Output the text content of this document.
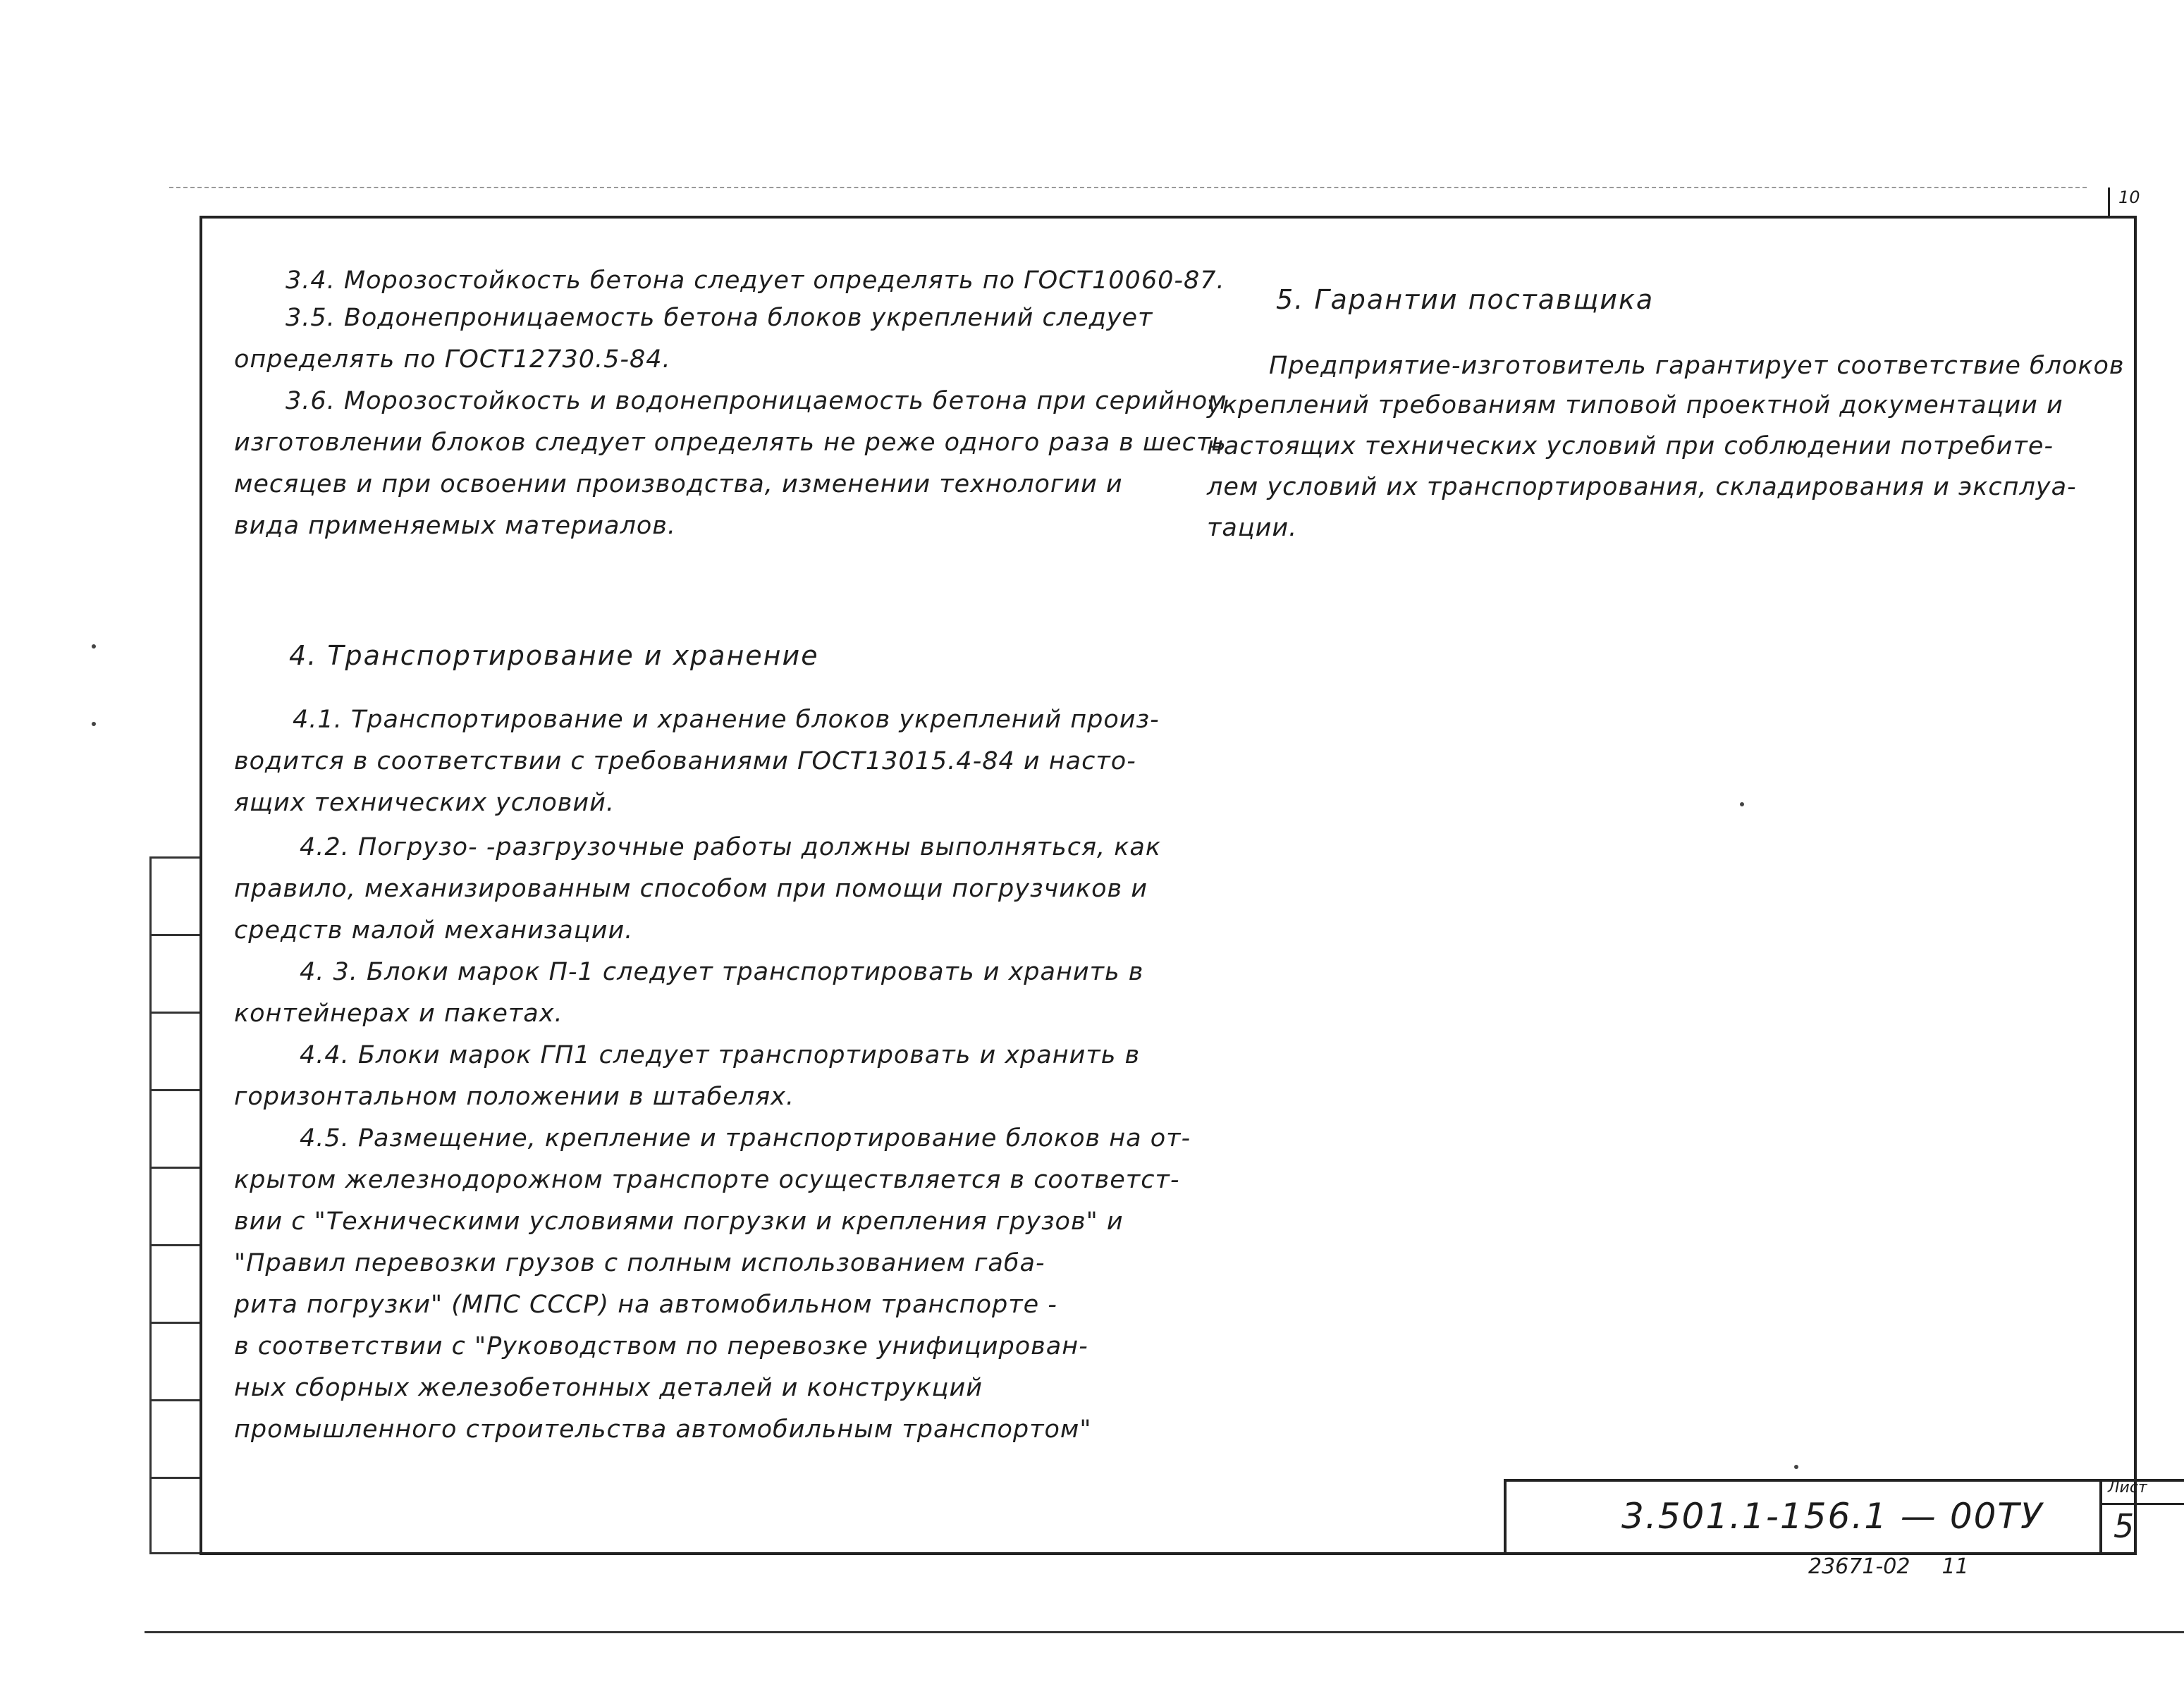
10
3.4. Морозостойкость бетона следует определять по ГОСТ10060-87.
3.5. Водонепроницаемость бетона блоков укреплений следует
определять по ГОСТ12730.5-84.
3.6. Морозостойкость и водонепроницаемость бетона при серийном
изготовлении блоков следует определять не реже одного раза в шесть
месяцев и при освоении производства, изменении технологии и
вида применяемых материалов.
4. Транспортирование и хранение
4.1. Транспортирование и хранение блоков укреплений произ-
водится в соответствии с требованиями ГОСТ13015.4-84 и насто-
ящих технических условий.
4.2. Погрузо- -разгрузочные работы должны выполняться, как
правило, механизированным способом при помощи погрузчиков и
средств малой механизации.
4. 3. Блоки марок П-1 следует транспортировать и хранить в
контейнерах и пакетах.
4.4. Блоки марок ГП1 следует транспортировать и хранить в
горизонтальном положении в штабелях.
4.5. Размещение, крепление и транспортирование блоков на от-
крытом железнодорожном транспорте осуществляется в соответст-
вии с "Техническими условиями погрузки и крепления грузов" и
"Правил перевозки грузов с полным использованием габа-
рита погрузки" (МПС СССР) на автомобильном транспорте -
в соответствии с "Руководством по перевозке унифицирован-
ных сборных железобетонных деталей и конструкций
промышленного строительства автомобильным транспортом"
5. Гарантии поставщика
Предприятие-изготовитель гарантирует соответствие блоков
укреплений требованиям типовой проектной документации и
настоящих технических условий при соблюдении потребите-
лем условий их транспортирования, складирования и эксплуа-
тации.
3.501.1-156.1 — 00ТУ
Лист
5
23671-02 11
